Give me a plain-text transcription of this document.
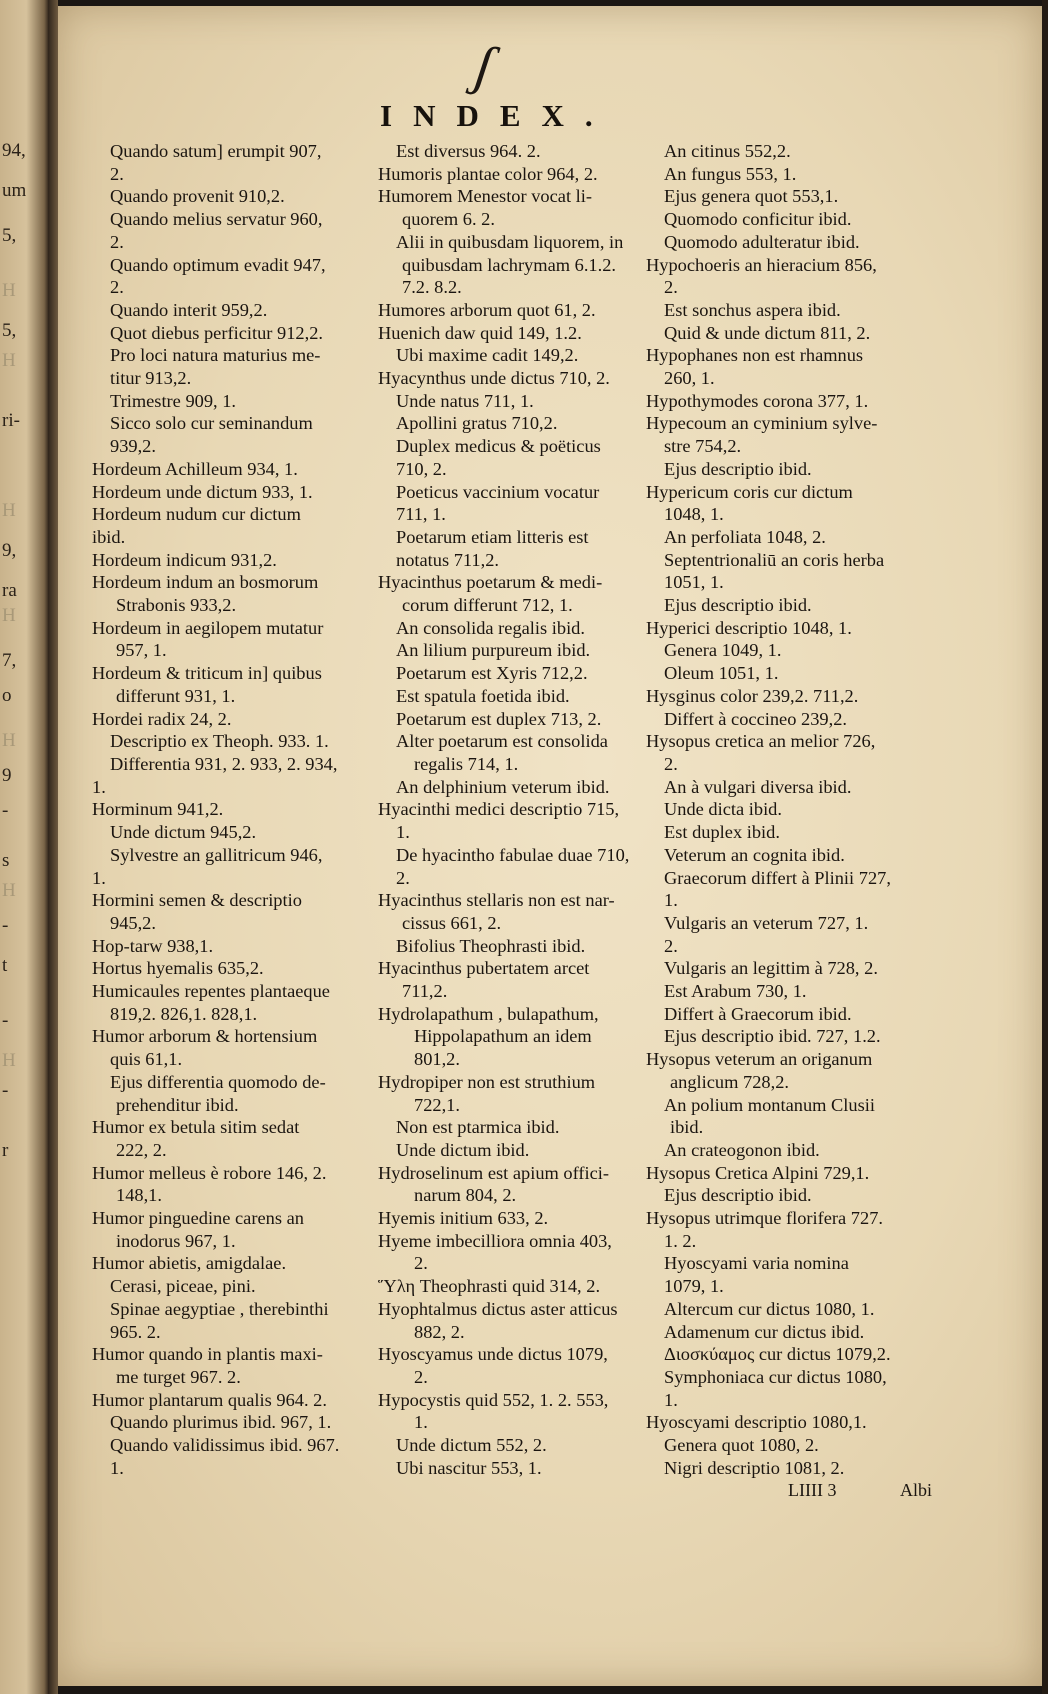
94,
um
5,
H
5,
H
ri-
H
9,
ra
H
7,
o
H
9
-
s
H
-
t
-
H
-
r
ʃ
INDEX.
Quando satum] erumpit 907,
2.
Quando provenit 910,2.
Quando melius servatur 960,
2.
Quando optimum evadit 947,
2.
Quando interit 959,2.
Quot diebus perficitur 912,2.
Pro loci natura maturius me-
titur 913,2.
Trimestre 909, 1.
Sicco solo cur seminandum
939,2.
Hordeum Achilleum 934, 1.
Hordeum unde dictum 933, 1.
Hordeum nudum cur dictum
ibid.
Hordeum indicum 931,2.
Hordeum indum an bosmorum
Strabonis 933,2.
Hordeum in aegilopem mutatur
957, 1.
Hordeum & triticum in] quibus
differunt 931, 1.
Hordei radix 24, 2.
Descriptio ex Theoph. 933. 1.
Differentia 931, 2. 933, 2. 934,
1.
Horminum 941,2.
Unde dictum 945,2.
Sylvestre an gallitricum 946,
1.
Hormini semen & descriptio
945,2.
Hop-tarw 938,1.
Hortus hyemalis 635,2.
Humicaules repentes plantaeque
819,2. 826,1. 828,1.
Humor arborum & hortensium
quis 61,1.
Ejus differentia quomodo de-
prehenditur ibid.
Humor ex betula sitim sedat
222, 2.
Humor melleus è robore 146, 2.
148,1.
Humor pinguedine carens an
inodorus 967, 1.
Humor abietis, amigdalae.
Cerasi, piceae, pini.
Spinae aegyptiae , therebinthi
965. 2.
Humor quando in plantis maxi-
me turget 967. 2.
Humor plantarum qualis 964. 2.
Quando plurimus ibid. 967, 1.
Quando validissimus ibid. 967.
1.
Est diversus 964. 2.
Humoris plantae color 964, 2.
Humorem Menestor vocat li-
quorem 6. 2.
Alii in quibusdam liquorem, in
quibusdam lachrymam 6.1.2.
7.2. 8.2.
Humores arborum quot 61, 2.
Huenich daw quid 149, 1.2.
Ubi maxime cadit 149,2.
Hyacynthus unde dictus 710, 2.
Unde natus 711, 1.
Apollini gratus 710,2.
Duplex medicus & poëticus
710, 2.
Poeticus vaccinium vocatur
711, 1.
Poetarum etiam litteris est
notatus 711,2.
Hyacinthus poetarum & medi-
corum differunt 712, 1.
An consolida regalis ibid.
An lilium purpureum ibid.
Poetarum est Xyris 712,2.
Est spatula foetida ibid.
Poetarum est duplex 713, 2.
Alter poetarum est consolida
regalis 714, 1.
An delphinium veterum ibid.
Hyacinthi medici descriptio 715,
1.
De hyacintho fabulae duae 710,
2.
Hyacinthus stellaris non est nar-
cissus 661, 2.
Bifolius Theophrasti ibid.
Hyacinthus pubertatem arcet
711,2.
Hydrolapathum , bulapathum,
Hippolapathum an idem
801,2.
Hydropiper non est struthium
722,1.
Non est ptarmica ibid.
Unde dictum ibid.
Hydroselinum est apium offici-
narum 804, 2.
Hyemis initium 633, 2.
Hyeme imbecilliora omnia 403,
2.
Ὕλη Theophrasti quid 314, 2.
Hyophtalmus dictus aster atticus
882, 2.
Hyoscyamus unde dictus 1079,
2.
Hypocystis quid 552, 1. 2. 553,
1.
Unde dictum 552, 2.
Ubi nascitur 553, 1.
An citinus 552,2.
An fungus 553, 1.
Ejus genera quot 553,1.
Quomodo conficitur ibid.
Quomodo adulteratur ibid.
Hypochoeris an hieracium 856,
2.
Est sonchus aspera ibid.
Quid & unde dictum 811, 2.
Hypophanes non est rhamnus
260, 1.
Hypothymodes corona 377, 1.
Hypecoum an cyminium sylve-
stre 754,2.
Ejus descriptio ibid.
Hypericum coris cur dictum
1048, 1.
An perfoliata 1048, 2.
Septentrionaliū an coris herba
1051, 1.
Ejus descriptio ibid.
Hyperici descriptio 1048, 1.
Genera 1049, 1.
Oleum 1051, 1.
Hysginus color 239,2. 711,2.
Differt à coccineo 239,2.
Hysopus cretica an melior 726,
2.
An à vulgari diversa ibid.
Unde dicta ibid.
Est duplex ibid.
Veterum an cognita ibid.
Graecorum differt à Plinii 727,
1.
Vulgaris an veterum 727, 1.
2.
Vulgaris an legittim à 728, 2.
Est Arabum 730, 1.
Differt à Graecorum ibid.
Ejus descriptio ibid. 727, 1.2.
Hysopus veterum an origanum
anglicum 728,2.
An polium montanum Clusii
ibid.
An crateogonon ibid.
Hysopus Cretica Alpini 729,1.
Ejus descriptio ibid.
Hysopus utrimque florifera 727.
1. 2.
Hyoscyami varia nomina
1079, 1.
Altercum cur dictus 1080, 1.
Adamenum cur dictus ibid.
Διοσκύαμος cur dictus 1079,2.
Symphoniaca cur dictus 1080,
1.
Hyoscyami descriptio 1080,1.
Genera quot 1080, 2.
Nigri descriptio 1081, 2.
LIIII 3	Albi
